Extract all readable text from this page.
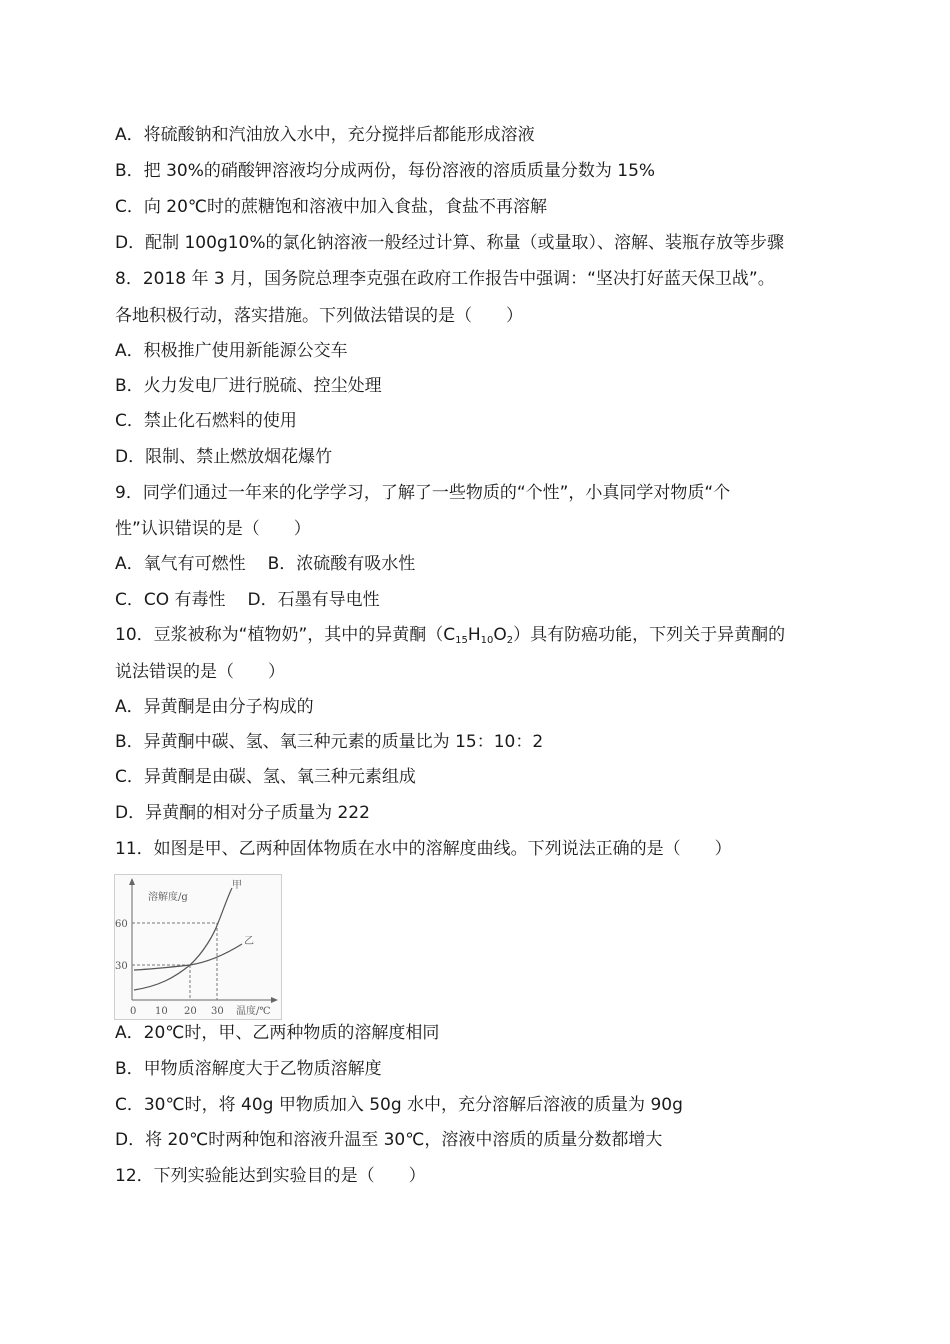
A．将硫酸钠和汽油放入水中，充分搅拌后都能形成溶液
B．把 30%的硝酸钾溶液均分成两份，每份溶液的溶质质量分数为 15%
C．向 20℃时的蔗糖饱和溶液中加入食盐，食盐不再溶解
D．配制 100g10%的氯化钠溶液一般经过计算、称量（或量取）、溶解、装瓶存放等步骤
8．2018 年 3 月，国务院总理李克强在政府工作报告中强调：“坚决打好蓝天保卫战”。
各地积极行动，落实措施。下列做法错误的是（　　）
A．积极推广使用新能源公交车
B．火力发电厂进行脱硫、控尘处理
C．禁止化石燃料的使用
D．限制、禁止燃放烟花爆竹
9．同学们通过一年来的化学学习，了解了一些物质的“个性”，小真同学对物质“个
性”认识错误的是（　　）
A．氧气有可燃性 B．浓硫酸有吸水性
C．CO 有毒性 D．石墨有导电性
10．豆浆被称为“植物奶”，其中的异黄酮$(C_{15}H_{10}O_2)$具有防癌功能，下列关于异黄酮的
说法错误的是（　　）
A．异黄酮是由分子构成的
B．异黄酮中碳、氢、氧三种元素的质量比为 15：10：2
C．异黄酮是由碳、氢、氧三种元素组成
D．异黄酮的相对分子质量为 222
11．如图是甲、乙两种固体物质在水中的溶解度曲线。下列说法正确的是（　　）
溶解度/g
甲
乙
60
30
0 10 20 30 温度/℃
A．20℃时，甲、乙两种物质的溶解度相同
B．甲物质溶解度大于乙物质溶解度
C．30℃时，将 40g 甲物质加入 50g 水中，充分溶解后溶液的质量为 90g
D．将 20℃时两种饱和溶液升温至 30℃，溶液中溶质的质量分数都增大
12．下列实验能达到实验目的是（　　）
